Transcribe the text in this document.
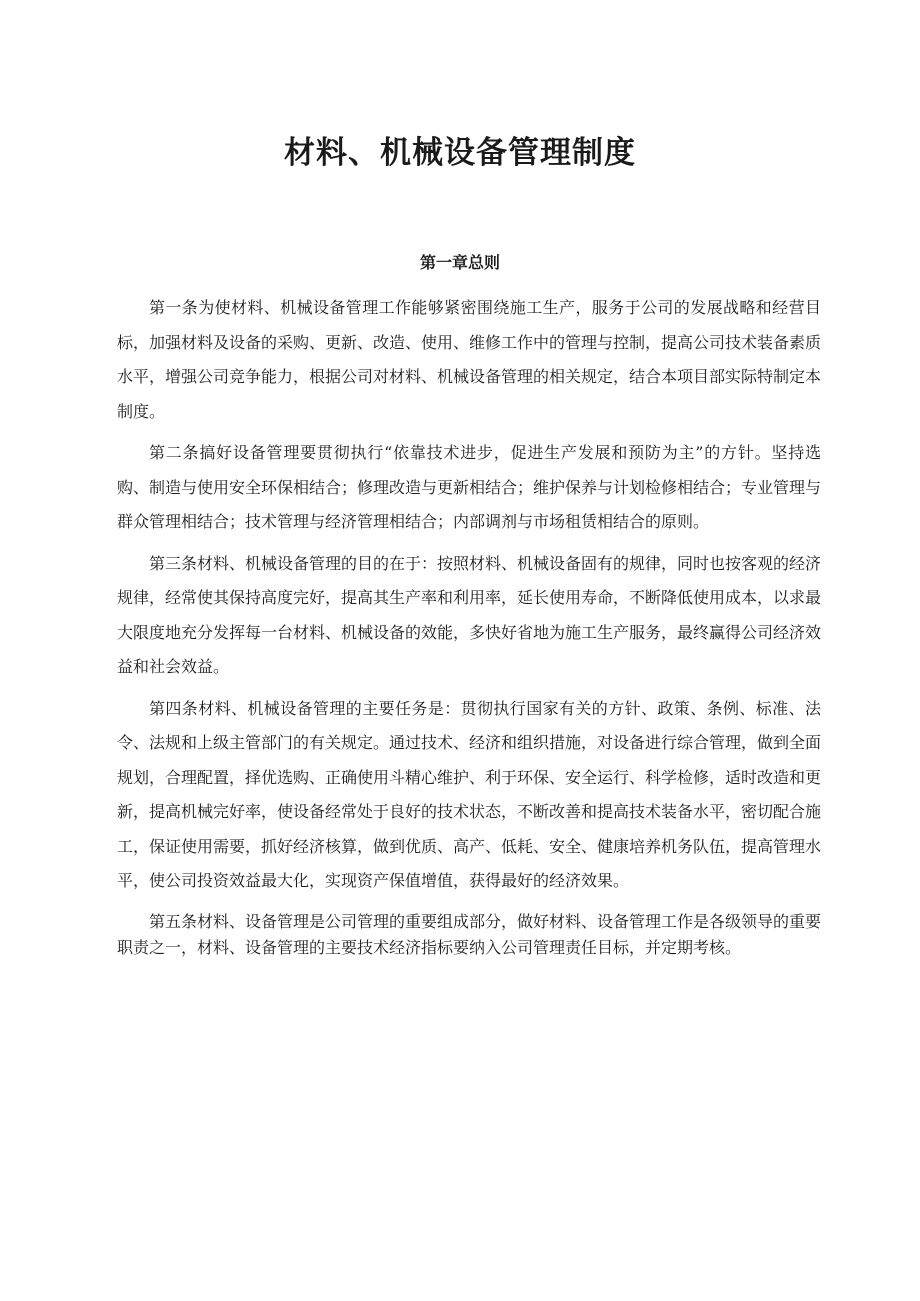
材料、机械设备管理制度
第一章总则

第一条为使材料、机械设备管理工作能够紧密围绕施工生产，服务于公司的发展战略和经营目标，加强材料及设备的采购、更新、改造、使用、维修工作中的管理与控制，提高公司技术装备素质水平，增强公司竞争能力，根据公司对材料、机械设备管理的相关规定，结合本项目部实际特制定本制度。

第二条搞好设备管理要贯彻执行“依靠技术进步，促进生产发展和预防为主”的方针。坚持选购、制造与使用安全环保相结合；修理改造与更新相结合；维护保养与计划检修相结合；专业管理与群众管理相结合；技术管理与经济管理相结合；内部调剂与市场租赁相结合的原则。

第三条材料、机械设备管理的目的在于：按照材料、机械设备固有的规律，同时也按客观的经济规律，经常使其保持高度完好，提高其生产率和利用率，延长使用寿命，不断降低使用成本，以求最大限度地充分发挥每一台材料、机械设备的效能，多快好省地为施工生产服务，最终赢得公司经济效益和社会效益。

第四条材料、机械设备管理的主要任务是：贯彻执行国家有关的方针、政策、条例、标准、法令、法规和上级主管部门的有关规定。通过技术、经济和组织措施，对设备进行综合管理，做到全面规划，合理配置，择优选购、正确使用斗精心维护、利于环保、安全运行、科学检修，适时改造和更新，提高机械完好率，使设备经常处于良好的技术状态，不断改善和提高技术装备水平，密切配合施工，保证使用需要，抓好经济核算，做到优质、高产、低耗、安全、健康培养机务队伍，提高管理水平，使公司投资效益最大化，实现资产保值增值，获得最好的经济效果。

第五条材料、设备管理是公司管理的重要组成部分，做好材料、设备管理工作是各级领导的重要职责之一，材料、设备管理的主要技术经济指标要纳入公司管理责任目标，并定期考核。
